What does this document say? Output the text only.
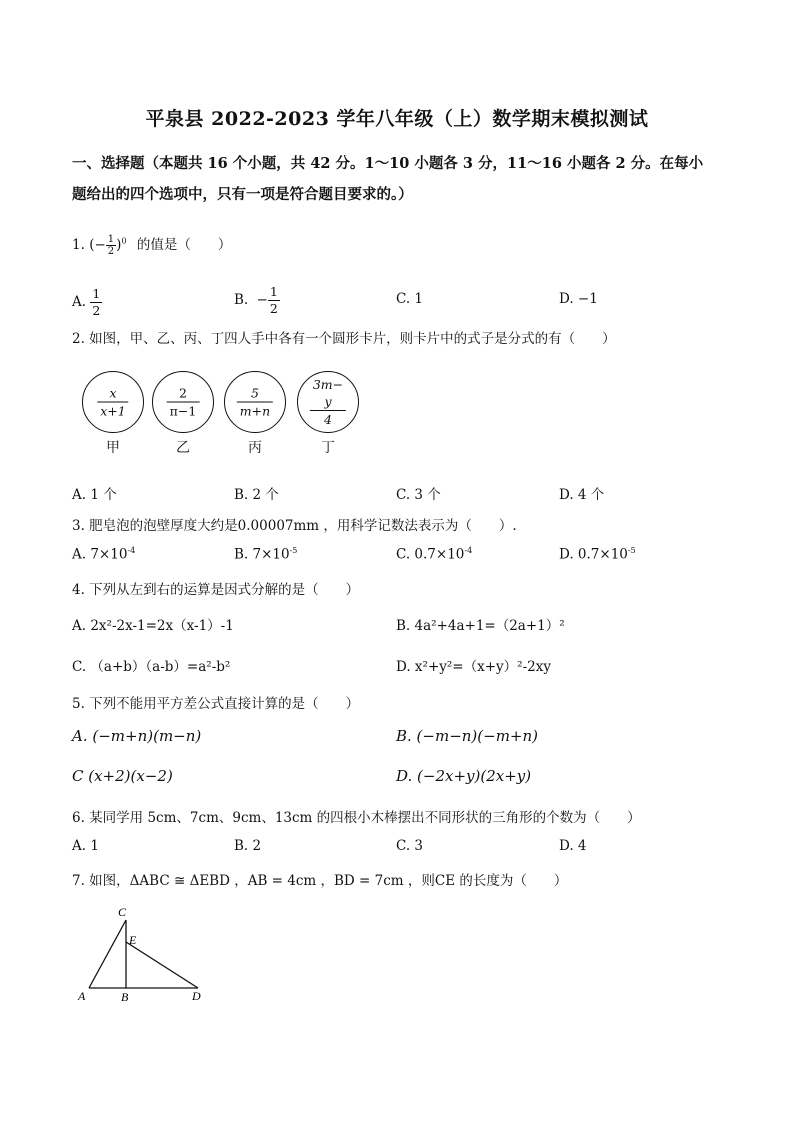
平泉县 2022-2023 学年八年级（上）数学期末模拟测试
一、选择题（本题共 16 个小题，共 42 分。1～10 小题各 3 分，11～16 小题各 2 分。在每小
题给出的四个选项中，只有一项是符合题目要求的。）
1. (− $\frac{1}{2} )^0$ 的值是（　　）
A. $\frac{1}{2}$	B. − $\frac{1}{2}$	C. 1	D. −1
2. 如图，甲、乙、丙、丁四人手中各有一个圆形卡片，则卡片中的式子是分式的有（　　）
$\frac{x}{x+1}$	$\frac{2}{\pi-1}$	$\frac{5}{m+n}$	$\frac{3m- y}{4}$
甲	乙	丙	丁
A. 1 个	B. 2 个	C. 3 个	D. 4 个
3. 肥皂泡的泡壁厚度大约是0.00007mm ，用科学记数法表示为（　　）.
A. $7\times 10^{-4}$	B. $7\times 10^{-5}$	C. $0.7\times 10^{-4}$	D. $0.7\times 10^{-5}$
4. 下列从左到右的运算是因式分解的是（　　）
A. 2x²-2x-1=2x（x-1）-1	B. 4a²+4a+1=（2a+1）²
C. （a+b）（a-b）=a²-b²	D. x²+y²=（x+y）²-2xy
5. 下列不能用平方差公式直接计算的是（　　）
A. (−m+n)(m−n)	B. (−m−n)(−m+n)
C (x+2)(x−2)	D. (−2x+y)(2x+y)
6. 某同学用 5cm、7cm、9cm、13cm 的四根小木棒摆出不同形状的三角形的个数为（　　）
A. 1	B. 2	C. 3	D. 4
7. 如图，ΔABC ≅ ΔEBD ，AB = 4cm ，BD = 7cm ，则CE 的长度为（　　）
C
E
A	B	D
